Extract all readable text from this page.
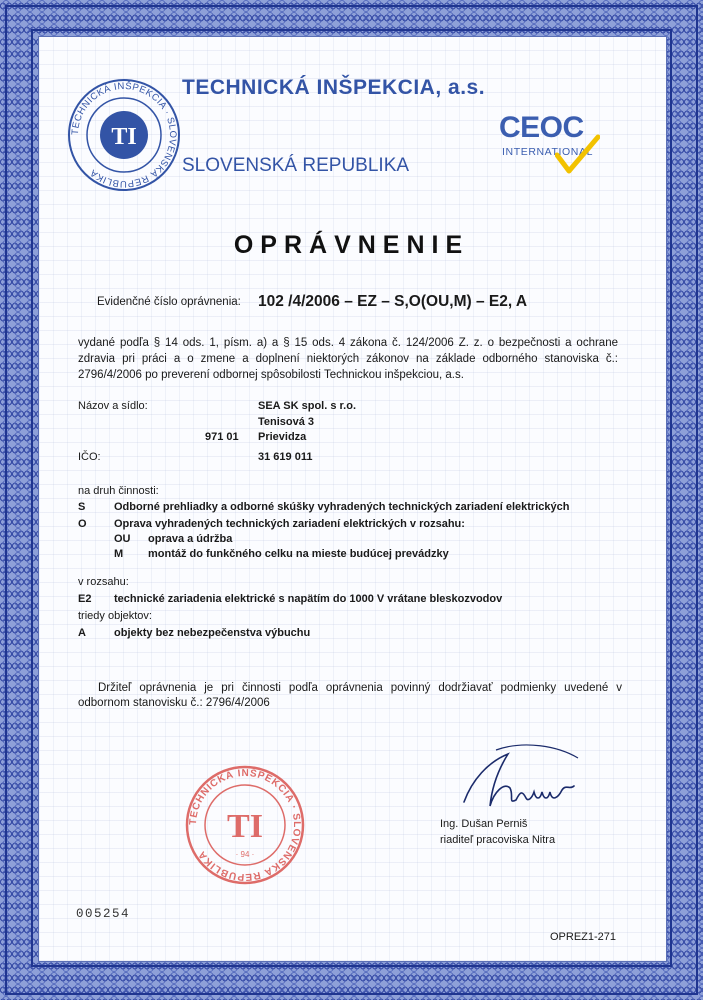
TI
TECHNICKÁ INŠPEKCIA · SLOVENSKÁ REPUBLIKA
TECHNICKÁ INŠPEKCIA, a.s.
SLOVENSKÁ REPUBLIKA
CEOC
INTERNATIONAL
OPRÁVNENIE
Evidenčné číslo oprávnenia: 102 /4/2006 – EZ – S,O(OU,M) – E2, A
vydané podľa § 14 ods. 1, písm. a) a § 15 ods. 4 zákona č. 124/2006 Z. z. o bezpečnosti a ochrane zdravia pri práci a o zmene a doplnení niektorých zákonov na základe odborného stanoviska č.: 2796/4/2006 po preverení odbornej spôsobilosti Technickou inšpekciou, a.s.
Názov a sídlo:	SEA SK spol. s r.o.
Tenisová 3
971 01 Prievidza
IČO:	31 619 011
na druh činnosti:
S	Odborné prehliadky a odborné skúšky vyhradených technických zariadení elektrických
O Oprava vyhradených technických zariadení elektrických v rozsahu:
OU oprava a údržba
M montáž do funkčného celku na mieste budúcej prevádzky
v rozsahu:
E2 technické zariadenia elektrické s napätím do 1000 V vrátane bleskozvodov
triedy objektov:
A	objekty bez nebezpečenstva výbuchu
Držiteľ oprávnenia je pri činnosti podľa oprávnenia povinný dodržiavať podmienky uvedené v odbornom stanovisku č.: 2796/4/2006
TECHNICKÁ INŠPEKCIA · SLOVENSKÁ REPUBLIKA
TI
· 94 ·
Ing. Dušan Perniš
riaditeľ pracoviska Nitra
005254
OPREZ1-271
